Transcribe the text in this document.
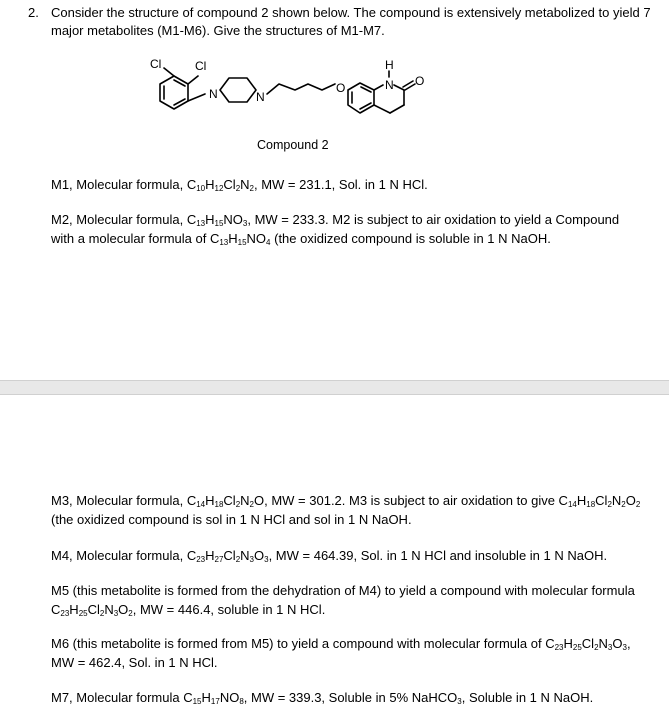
2. Consider the structure of compound 2 shown below. The compound is extensively metabolized to yield 7 major metabolites (M1-M6). Give the structures of M1-M7.
Cl	Cl
N	N
O
H
N O
Compound 2
M1, Molecular formula, $C_{10}H_{12}Cl_2N_2$, MW = 231.1, Sol. in 1 N HCl.
M2, Molecular formula, $C_{13}H_{15}NO_3$, MW = 233.3. M2 is subject to air oxidation to yield a Compound with a molecular formula of $C_{13}H_{15}NO_4$ (the oxidized compound is soluble in 1 N NaOH.
M3, Molecular formula, $C_{14}H_{18}Cl_2N_2O$, MW = 301.2. M3 is subject to air oxidation to give $C_{14}H_{18}Cl_2N_2O_2$ (the oxidized compound is sol in 1 N HCl and sol in 1 N NaOH.
M4, Molecular formula, $C_{23}H_{27}Cl_2N_3O_3$, MW = 464.39, Sol. in 1 N HCl and insoluble in 1 N NaOH.
M5 (this metabolite is formed from the dehydration of M4) to yield a compound with molecular formula $C_{23}H_{25}Cl_2N_3O_2$, MW = 446.4, soluble in 1 N HCl.
M6 (this metabolite is formed from M5) to yield a compound with molecular formula of $C_{23}H_{25}Cl_2N_3O_3$, MW = 462.4, Sol. in 1 N HCl.
M7, Molecular formula $C_{15}H_{17}NO_8$, MW = 339.3, Soluble in 5% NaHCO$_3$, Soluble in 1 N NaOH.
